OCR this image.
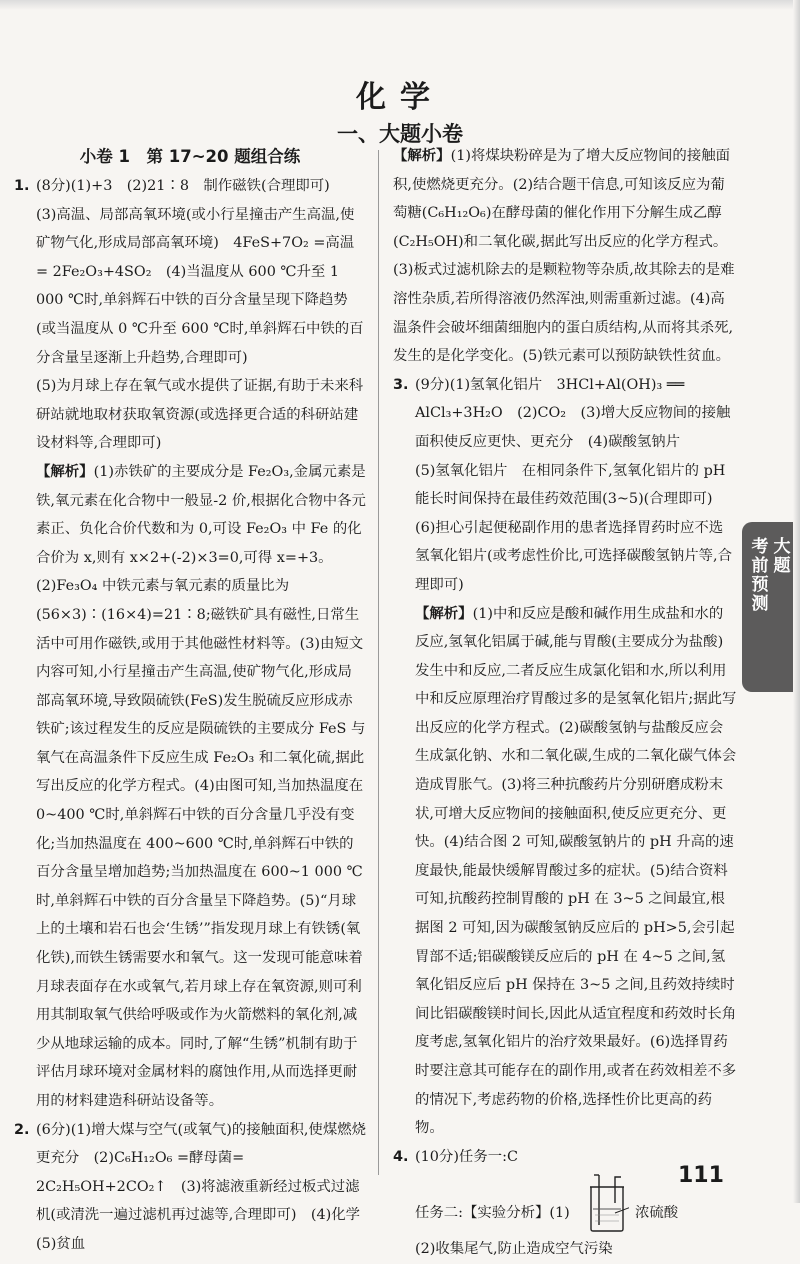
化学
一、大题小卷
小卷 1　第 17~20 题组合练
1. (8分)(1)+3　(2)21∶8　制作磁铁(合理即可)
(3)高温、局部高氧环境(或小行星撞击产生高温,使矿物气化,形成局部高氧环境)　4FeS+7O₂ =高温= 2Fe₂O₃+4SO₂　(4)当温度从 600 ℃升至 1 000 ℃时,单斜辉石中铁的百分含量呈现下降趋势(或当温度从 0 ℃升至 600 ℃时,单斜辉石中铁的百分含量呈逐渐上升趋势,合理即可)
(5)为月球上存在氧气或水提供了证据,有助于未来科研站就地取材获取氧资源(或选择更合适的科研站建设材料等,合理即可)
【解析】(1)赤铁矿的主要成分是 Fe₂O₃,金属元素是铁,氧元素在化合物中一般显-2 价,根据化合物中各元素正、负化合价代数和为 0,可设 Fe₂O₃ 中 Fe 的化合价为 x,则有 x×2+(-2)×3=0,可得 x=+3。(2)Fe₃O₄ 中铁元素与氧元素的质量比为(56×3)∶(16×4)=21∶8;磁铁矿具有磁性,日常生活中可用作磁铁,或用于其他磁性材料等。(3)由短文内容可知,小行星撞击产生高温,使矿物气化,形成局部高氧环境,导致陨硫铁(FeS)发生脱硫反应形成赤铁矿;该过程发生的反应是陨硫铁的主要成分 FeS 与氧气在高温条件下反应生成 Fe₂O₃ 和二氧化硫,据此写出反应的化学方程式。(4)由图可知,当加热温度在 0~400 ℃时,单斜辉石中铁的百分含量几乎没有变化;当加热温度在 400~600 ℃时,单斜辉石中铁的百分含量呈增加趋势;当加热温度在 600~1 000 ℃时,单斜辉石中铁的百分含量呈下降趋势。(5)“月球上的土壤和岩石也会‘生锈’”指发现月球上有铁锈(氧化铁),而铁生锈需要水和氧气。这一发现可能意味着月球表面存在水或氧气,若月球上存在氧资源,则可利用其制取氧气供给呼吸或作为火箭燃料的氧化剂,减少从地球运输的成本。同时,了解“生锈”机制有助于评估月球环境对金属材料的腐蚀作用,从而选择更耐用的材料建造科研站设备等。
2. (6分)(1)增大煤与空气(或氧气)的接触面积,使煤燃烧更充分　(2)C₆H₁₂O₆ =酵母菌= 2C₂H₅OH+2CO₂↑　(3)将滤液重新经过板式过滤机(或清洗一遍过滤机再过滤等,合理即可)　(4)化学
(5)贫血
【解析】(1)将煤块粉碎是为了增大反应物间的接触面积,使燃烧更充分。(2)结合题干信息,可知该反应为葡萄糖(C₆H₁₂O₆)在酵母菌的催化作用下分解生成乙醇(C₂H₅OH)和二氧化碳,据此写出反应的化学方程式。(3)板式过滤机除去的是颗粒物等杂质,故其除去的是难溶性杂质,若所得溶液仍然浑浊,则需重新过滤。(4)高温条件会破坏细菌细胞内的蛋白质结构,从而将其杀死,发生的是化学变化。(5)铁元素可以预防缺铁性贫血。
3. (9分)(1)氢氧化铝片　3HCl+Al(OH)₃ ══ AlCl₃+3H₂O　(2)CO₂　(3)增大反应物间的接触面积使反应更快、更充分　(4)碳酸氢钠片
(5)氢氧化铝片　在相同条件下,氢氧化铝片的 pH 能长时间保持在最佳药效范围(3~5)(合理即可)
(6)担心引起便秘副作用的患者选择胃药时应不选氢氧化铝片(或考虑性价比,可选择碳酸氢钠片等,合理即可)
【解析】(1)中和反应是酸和碱作用生成盐和水的反应,氢氧化铝属于碱,能与胃酸(主要成分为盐酸)发生中和反应,二者反应生成氯化铝和水,所以利用中和反应原理治疗胃酸过多的是氢氧化铝片;据此写出反应的化学方程式。(2)碳酸氢钠与盐酸反应会生成氯化钠、水和二氧化碳,生成的二氧化碳气体会造成胃胀气。(3)将三种抗酸药片分别研磨成粉末状,可增大反应物间的接触面积,使反应更充分、更快。(4)结合图 2 可知,碳酸氢钠片的 pH 升高的速度最快,能最快缓解胃酸过多的症状。(5)结合资料可知,抗酸药控制胃酸的 pH 在 3~5 之间最宜,根据图 2 可知,因为碳酸氢钠反应后的 pH>5,会引起胃部不适;铝碳酸镁反应后的 pH 在 4~5 之间,氢氧化铝反应后 pH 保持在 3~5 之间,且药效持续时间比铝碳酸镁时间长,因此从适宜程度和药效时长角度考虑,氢氧化铝片的治疗效果最好。(6)选择胃药时要注意其可能存在的副作用,或者在药效相差不多的情况下,考虑药物的价格,选择性价比更高的药物。
4. (10分)任务一:C
浓硫酸
任务二:【实验分析】(1)
(2)收集尾气,防止造成空气污染
考
前
预
测
大
题
111
